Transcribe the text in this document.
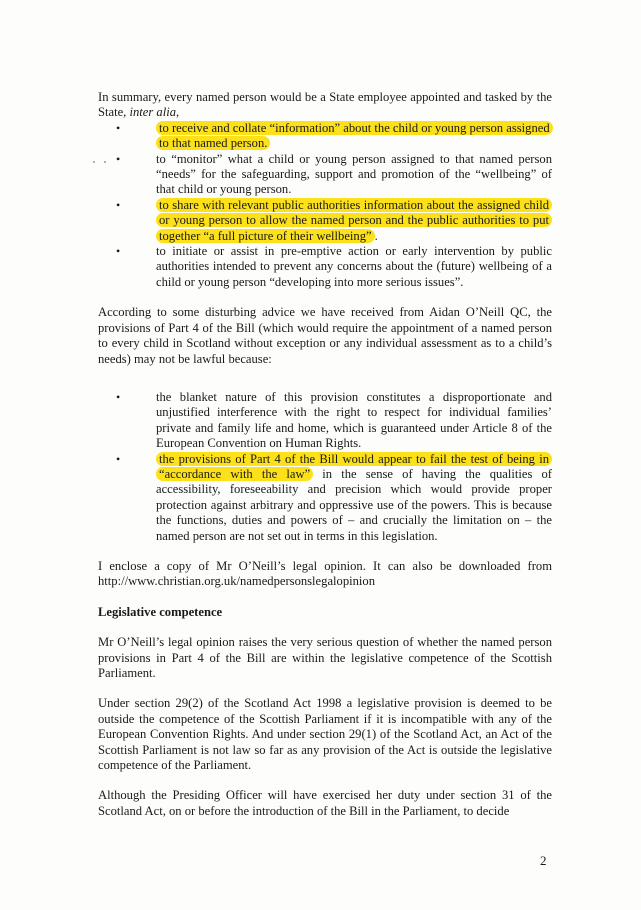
In summary, every named person would be a State employee appointed and tasked by the State, inter alia,

• to receive and collate “information” about the child or young person assigned to that named person.
• to “monitor” what a child or young person assigned to that named person “needs” for the safeguarding, support and promotion of the “wellbeing” of that child or young person.
• to share with relevant public authorities information about the assigned child or young person to allow the named person and the public authorities to put together “a full picture of their wellbeing” .
• to initiate or assist in pre-emptive action or early intervention by public authorities intended to prevent any concerns about the (future) wellbeing of a child or young person “developing into more serious issues”.

According to some disturbing advice we have received from Aidan O’Neill QC, the provisions of Part 4 of the Bill (which would require the appointment of a named person to every child in Scotland without exception or any individual assessment as to a child’s needs) may not be lawful because:

• the blanket nature of this provision constitutes a disproportionate and unjustified interference with the right to respect for individual families’ private and family life and home, which is guaranteed under Article 8 of the European Convention on Human Rights.
• the provisions of Part 4 of the Bill would appear to fail the test of being in “accordance with the law” in the sense of having the qualities of accessibility, foreseeability and precision which would provide proper protection against arbitrary and oppressive use of the powers. This is because the functions, duties and powers of – and crucially the limitation on – the named person are not set out in terms in this legislation.

I enclose a copy of Mr O’Neill’s legal opinion. It can also be downloaded from http://www.christian.org.uk/namedpersonslegalopinion

Legislative competence

Mr O’Neill’s legal opinion raises the very serious question of whether the named person provisions in Part 4 of the Bill are within the legislative competence of the Scottish Parliament.

Under section 29(2) of the Scotland Act 1998 a legislative provision is deemed to be outside the competence of the Scottish Parliament if it is incompatible with any of the European Convention Rights. And under section 29(1) of the Scotland Act, an Act of the Scottish Parliament is not law so far as any provision of the Act is outside the legislative competence of the Parliament.

Although the Presiding Officer will have exercised her duty under section 31 of the Scotland Act, on or before the introduction of the Bill in the Parliament, to decide

2
